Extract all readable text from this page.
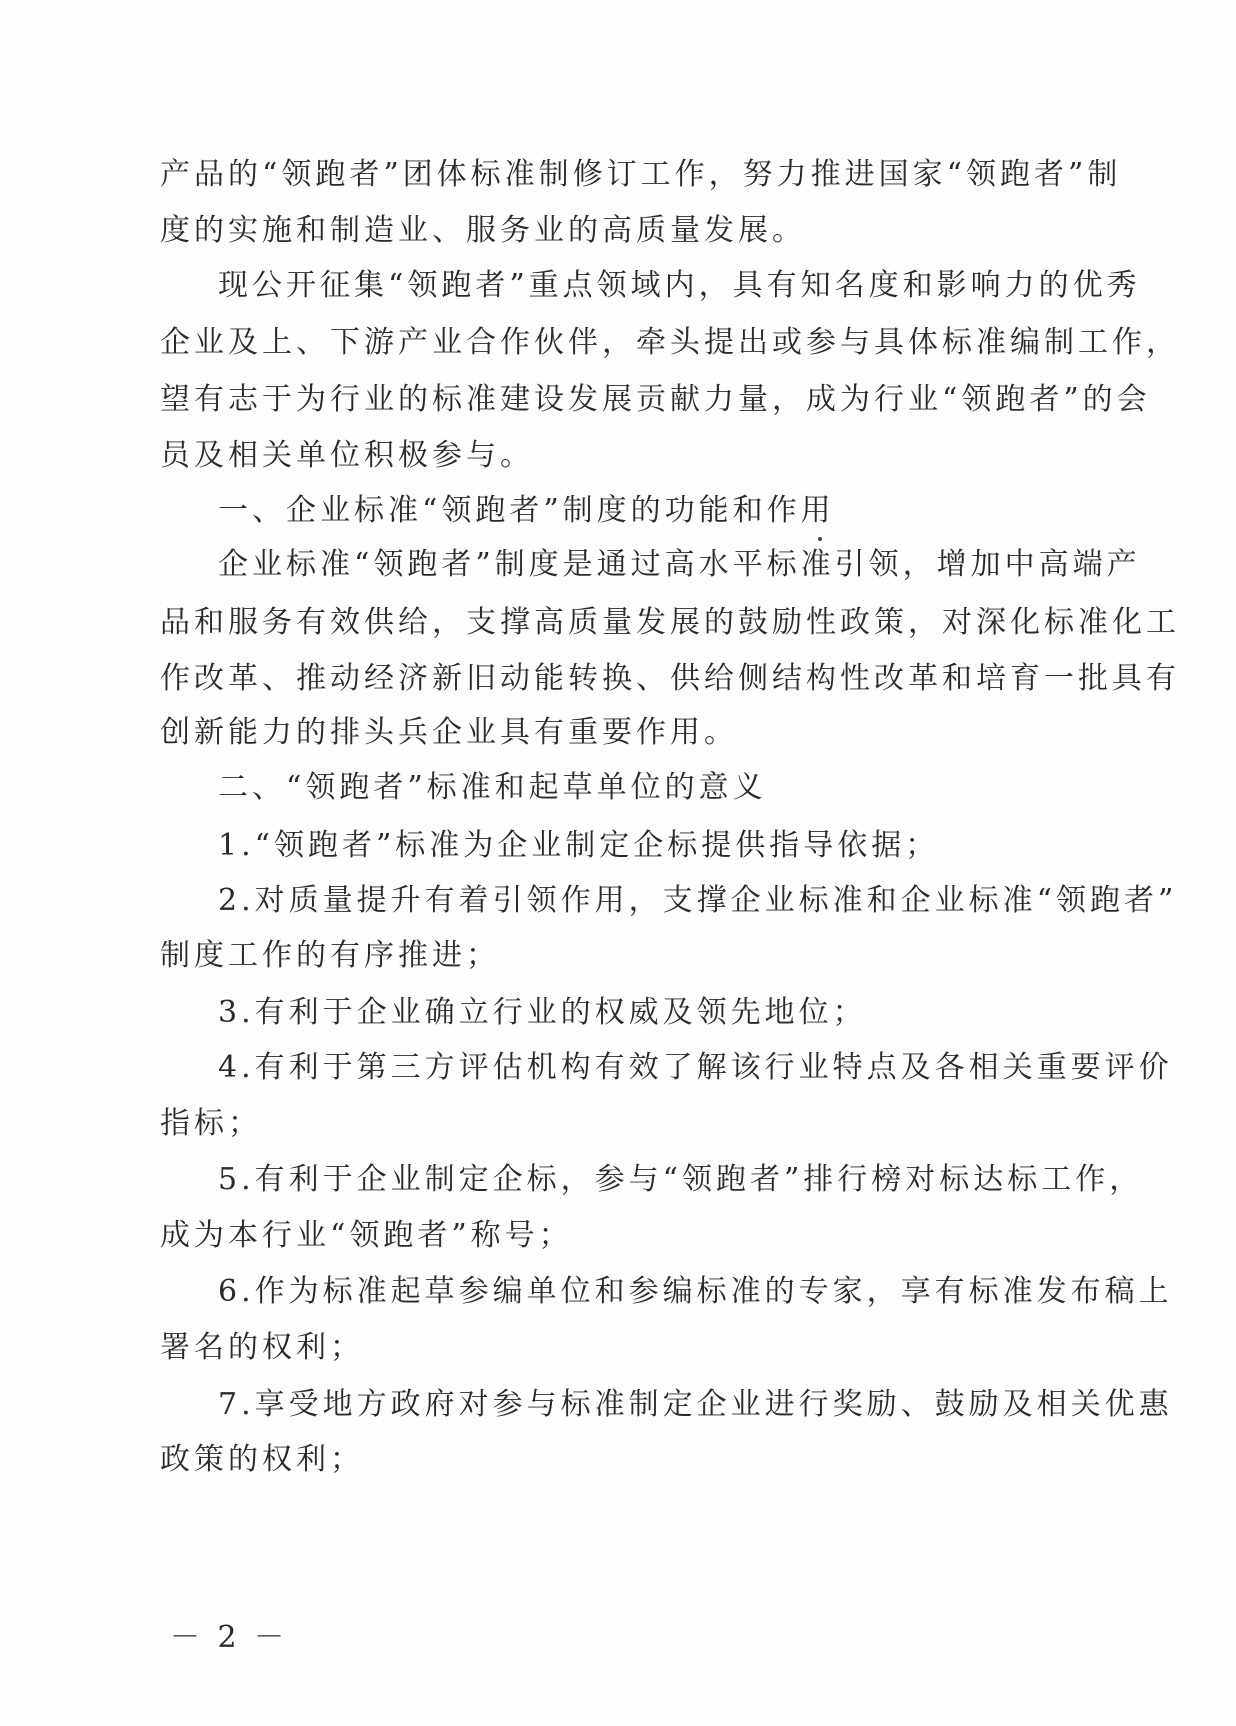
产品的“领跑者”团体标准制修订工作，努力推进国家“领跑者”制

度的实施和制造业、服务业的高质量发展。

现公开征集“领跑者”重点领域内，具有知名度和影响力的优秀

企业及上、下游产业合作伙伴，牵头提出或参与具体标准编制工作，

望有志于为行业的标准建设发展贡献力量，成为行业“领跑者”的会

员及相关单位积极参与。

一、企业标准“领跑者”制度的功能和作用

企业标准“领跑者”制度是通过高水平标准引领，增加中高端产

品和服务有效供给，支撑高质量发展的鼓励性政策，对深化标准化工

作改革、推动经济新旧动能转换、供给侧结构性改革和培育一批具有

创新能力的排头兵企业具有重要作用。

二、“领跑者”标准和起草单位的意义

1.“领跑者”标准为企业制定企标提供指导依据；

2.对质量提升有着引领作用，支撑企业标准和企业标准“领跑者”

制度工作的有序推进；

3.有利于企业确立行业的权威及领先地位；

4.有利于第三方评估机构有效了解该行业特点及各相关重要评价

指标；

5.有利于企业制定企标，参与“领跑者”排行榜对标达标工作，

成为本行业“领跑者”称号；

6.作为标准起草参编单位和参编标准的专家，享有标准发布稿上

署名的权利；

7.享受地方政府对参与标准制定企业进行奖励、鼓励及相关优惠

政策的权利；

－ 2 －
